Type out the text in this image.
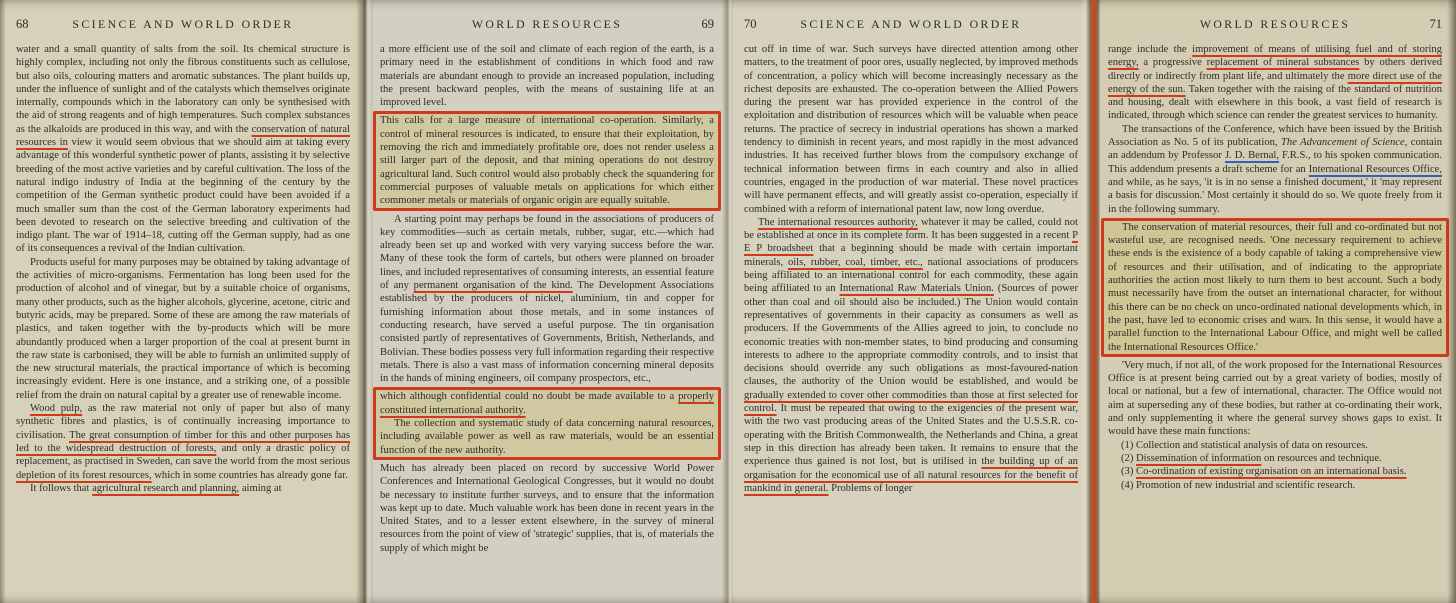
68	SCIENCE AND WORLD ORDER

water and a small quantity of salts from the soil. Its chemical structure is highly complex, including not only the fibrous constituents such as cellulose, but also oils, colouring matters and aromatic substances. The plant builds up, under the influence of sunlight and of the catalysts which themselves originate internally, compounds which in the laboratory can only be synthesised with the aid of strong reagents and of high temperatures. Such complex substances as the alkaloids are produced in this way, and with the conservation of natural resources in view it would seem obvious that we should aim at taking every advantage of this wonderful synthetic power of plants, assisting it by selective breeding of the most active varieties and by careful cultivation. The loss of the natural indigo industry of India at the beginning of the century by the competition of the German synthetic product could have been avoided if a much smaller sum than the cost of the German laboratory experiments had been devoted to research on the selective breeding and cultivation of the indigo plant. The war of 1914–18, cutting off the German supply, had as one of its consequences a revival of the Indian cultivation.

Products useful for many purposes may be obtained by taking advantage of the activities of micro-organisms. Fermentation has long been used for the production of alcohol and of vinegar, but by a suitable choice of organisms, many other products, such as the higher alcohols, glycerine, acetone, citric and butyric acids, may be prepared. Some of these are among the raw materials of plastics, and taken together with the by-products which will be more abundantly produced when a larger proportion of the coal at present burnt in the raw state is carbonised, they will be able to furnish an unlimited supply of the new structural materials, the practical importance of which is becoming increasingly evident. Here is one instance, and a striking one, of a possible relief from the drain on natural capital by a greater use of renewable income.

Wood pulp, as the raw material not only of paper but also of many synthetic fibres and plastics, is of continually increasing importance to civilisation. The great consumption of timber for this and other purposes has led to the widespread destruction of forests, and only a drastic policy of replacement, as practised in Sweden, can save the world from the most serious depletion of its forest resources, which in some countries has already gone far.

It follows that agricultural research and planning, aiming at

69
WORLD RESOURCES

a more efficient use of the soil and climate of each region of the earth, is a primary need in the establishment of conditions in which food and raw materials are abundant enough to provide an increased population, including the present backward peoples, with the means of sustaining life at an improved level.

This calls for a large measure of international co-operation. Similarly, a control of mineral resources is indicated, to ensure that their exploitation, by removing the rich and immediately profitable ore, does not render useless a still larger part of the deposit, and that mining operations do not destroy agricultural land. Such control would also probably check the squandering for commercial purposes of valuable metals on applications for which either commoner metals or materials of organic origin are equally suitable.

A starting point may perhaps be found in the associations of producers of key commodities—such as certain metals, rubber, sugar, etc.—which had already been set up and worked with very varying success before the war. Many of these took the form of cartels, but others were planned on broader lines, and included representatives of consuming interests, an essential feature of any permanent organisation of the kind. The Development Associations established by the producers of nickel, aluminium, tin and copper for furnishing information about those metals, and in some instances of conducting research, have served a useful purpose. The tin organisation consisted partly of representatives of Governments, British, Netherlands, and Bolivian. These bodies possess very full information regarding their respective metals. There is also a vast mass of information concerning mineral deposits in the hands of mining engineers, oil company prospectors, etc.,

which although confidential could no doubt be made available to a properly constituted international authority.

The collection and systematic study of data concerning natural resources, including available power as well as raw materials, would be an essential function of the new authority.

Much has already been placed on record by successive World Power Conferences and International Geological Congresses, but it would no doubt be necessary to institute further surveys, and to ensure that the information was kept up to date. Much valuable work has been done in recent years in the United States, and to a lesser extent elsewhere, in the survey of mineral resources from the point of view of 'strategic' supplies, that is, of materials the supply of which might be

70	SCIENCE AND WORLD ORDER

cut off in time of war. Such surveys have directed attention among other matters, to the treatment of poor ores, usually neglected, by improved methods of concentration, a policy which will become increasingly necessary as the richest deposits are exhausted. The co-operation between the Allied Powers during the present war has provided experience in the control of the exploitation and distribution of resources which will be valuable when peace returns. The practice of secrecy in industrial operations has shown a marked tendency to diminish in recent years, and most rapidly in the most advanced industries. It has received further blows from the compulsory exchange of technical information between firms in each country and also in allied countries, engaged in the production of war material. These novel practices will have permanent effects, and will greatly assist co-operation, especially if combined with a reform of international patent law, now long overdue.

The international resources authority, whatever it may be called, could not be established at once in its complete form. It has been suggested in a recent P E P broadsheet that a beginning should be made with certain important minerals, oils, rubber, coal, timber, etc., national associations of producers being affiliated to an international control for each commodity, these again being affiliated to an International Raw Materials Union. (Sources of power other than coal and oil should also be included.) The Union would contain representatives of governments in their capacity as consumers as well as producers. If the Governments of the Allies agreed to join, to conclude no economic treaties with non-member states, to bind producing and consuming interests to adhere to the appropriate commodity controls, and to insist that decisions should override any such obligations as most-favoured-nation clauses, the authority of the Union would be established, and would be gradually extended to cover other commodities than those at first selected for control. It must be repeated that owing to the exigencies of the present war, with the two vast producing areas of the United States and the U.S.S.R. co-operating with the British Commonwealth, the Netherlands and China, a great step in this direction has already been taken. It remains to ensure that the experience thus gained is not lost, but is utilised in the building up of an organisation for the economical use of all natural resources for the benefit of mankind in general. Problems of longer

71
WORLD RESOURCES

range include the improvement of means of utilising fuel and of storing energy, a progressive replacement of mineral substances by others derived directly or indirectly from plant life, and ultimately the more direct use of the energy of the sun. Taken together with the raising of the standard of nutrition and housing, dealt with elsewhere in this book, a vast field of research is indicated, through which science can render the greatest services to humanity.

The transactions of the Conference, which have been issued by the British Association as No. 5 of its publication, The Advancement of Science, contain an addendum by Professor J. D. Bernal, F.R.S., to his spoken communication. This addendum presents a draft scheme for an International Resources Office, and while, as he says, 'it is in no sense a finished document,' it 'may represent a basis for discussion.' Most certainly it should do so. We quote freely from it in the following summary.

The conservation of material resources, their full and co-ordinated but not wasteful use, are recognised needs. 'One necessary requirement to achieve these ends is the existence of a body capable of taking a comprehensive view of resources and their utilisation, and of indicating to the appropriate authorities the action most likely to turn them to best account. Such a body must necessarily have from the outset an international character, for without this there can be no check on unco-ordinated national developments which, in the past, have led to economic crises and wars. In this sense, it would have a parallel function to the International Labour Office, and might well be called the International Resources Office.'

'Very much, if not all, of the work proposed for the International Resources Office is at present being carried out by a great variety of bodies, mostly of local or national, but a few of international, character. The Office would not aim at superseding any of these bodies, but rather at co-ordinating their work, and only supplementing it where the general survey shows gaps to exist. It would have these main functions:

(1) Collection and statistical analysis of data on resources.

(2) Dissemination of information on resources and technique.

(3) Co-ordination of existing organisation on an international basis.

(4) Promotion of new industrial and scientific research.
